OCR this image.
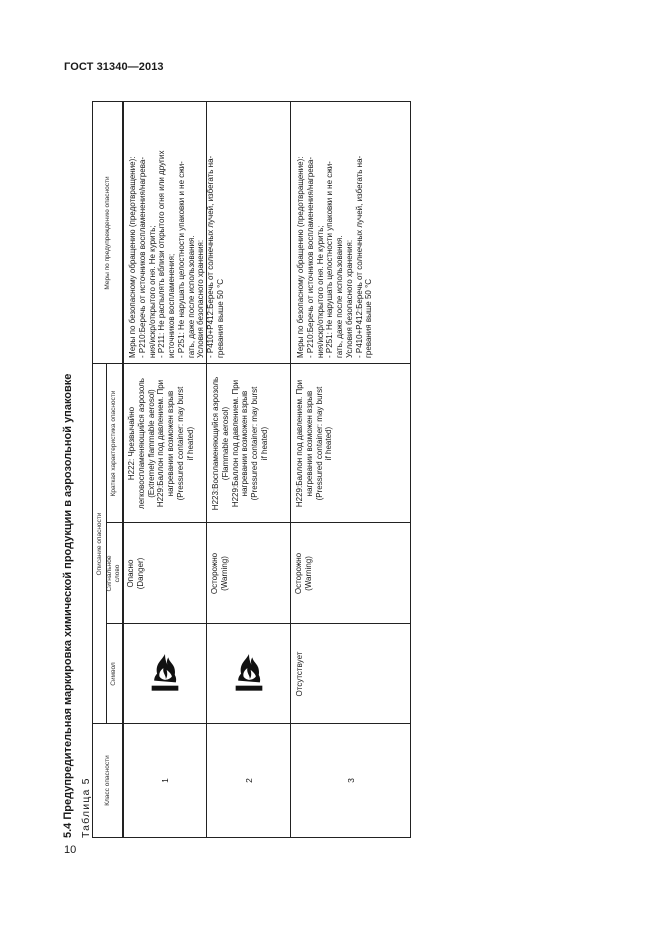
ГОСТ 31340—2013
10
5.4 Предупредительная маркировка химической продукции в аэрозольной упаковке Таблица 5	Класс опасности
Описание опасности
Символ
Сигнальное слово
Краткая характеристика опасности
Меры по предупреждению опасности
1
Опасно (Danger)
H222: Чрезвычайно легковоспламеняющийся аэрозоль (Extremely flammable aerosol) H229:Баллон под давлением. При нагревании возможен взрыв (Pressured container: may burst if heated)
Меры по безопасному обращению (предотвращение): - Р210:Беречь от источников воспламенения/нагрева- ния/искр/открытого огня. Не курить; - Р211: Не распылять вблизи открытого огня или других источников воспламенения; - Р251: Не нарушать целостности упаковки и не сжи- гать, даже после использования. Условия безопасного хранения: - Р410+Р412:Беречь от солнечных лучей, избегать на- гревания выше 50 °С
2
Осторожно (Warning)
H223:Воспламеняющийся аэрозоль (Flammable aerosol) H229:Баллон под давлением. При нагревании возможен взрыв (Pressured container: may burst if heated)
3
Отсутствует
Осторожно (Warning)
H229:Баллон под давлением. При нагревании возможен взрыв (Pressured container: may burst if heated)
Меры по безопасному обращению (предотвращение): - Р210:Беречь от источников воспламенения/нагрева- ния/искр/открытого огня. Не курить; - Р251: Не нарушать целостности упаковки и не сжи- гать, даже после использования. Условия безопасного хранения: - Р410+Р412:Беречь от солнечных лучей, избегать на- гревания выше 50 °С
